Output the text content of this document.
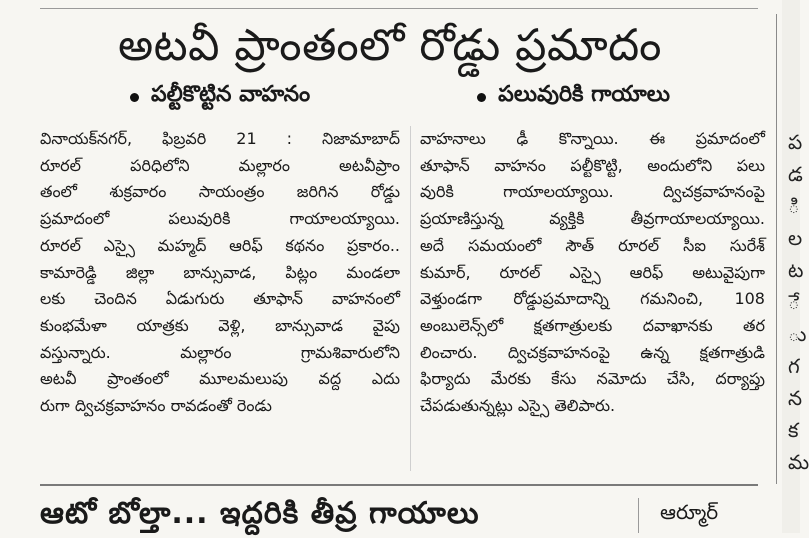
అటవీ ప్రాంతంలో రోడ్డు ప్రమాదం
పల్టీకొట్టిన వాహనం	పలువురికి గాయాలు
వినాయక్‌నగర్, ఫిబ్రవరి 21 : నిజామాబాద్
రూరల్ పరిధిలోని మల్లారం అటవీప్రాం
తంలో శుక్రవారం సాయంత్రం జరిగిన రోడ్డు
ప్రమాదంలో పలువురికి గాయాలయ్యాయి.
రూరల్ ఎస్సై మహ్మద్ ఆరిఫ్ కథనం ప్రకారం..
కామారెడ్డి జిల్లా బాన్సువాడ, పిట్లం మండలా
లకు చెందిన ఏడుగురు తూఫాన్ వాహనంలో
కుంభమేళా యాత్రకు వెళ్లి, బాన్సువాడ వైపు
వస్తున్నారు. మల్లారం గ్రామశివారులోని
అటవీ ప్రాంతంలో మూలమలుపు వద్ద ఎదు
రుగా ద్విచక్రవాహనం రావడంతో రెండు
వాహనాలు ఢీ కొన్నాయి. ఈ ప్రమాదంలో
తూఫాన్ వాహనం పల్టీకొట్టి, అందులోని పలు
వురికి గాయాలయ్యాయి. ద్విచక్రవాహనంపై
ప్రయాణిస్తున్న వ్యక్తికి తీవ్రగాయాలయ్యాయి.
అదే సమయంలో సౌత్ రూరల్ సీఐ సురేశ్
కుమార్, రూరల్ ఎస్సై ఆరిఫ్ అటువైపుగా
వెళ్తుండగా రోడ్డుప్రమాదాన్ని గమనించి, 108
అంబులెన్స్‌లో క్షతగాత్రులకు దవాఖానకు తర
లించారు. ద్విచక్రవాహనంపై ఉన్న క్షతగాత్రుడి
ఫిర్యాదు మేరకు కేసు నమోదు చేసి, దర్యాప్తు
చేపడుతున్నట్లు ఎస్సై తెలిపారు.
ప
డ
ి
ల
ట
ే
ు
గ
న
క
మ
ఆటో బోల్తా... ఇద్దరికి తీవ్ర గాయాలు	ఆర్మూర్
